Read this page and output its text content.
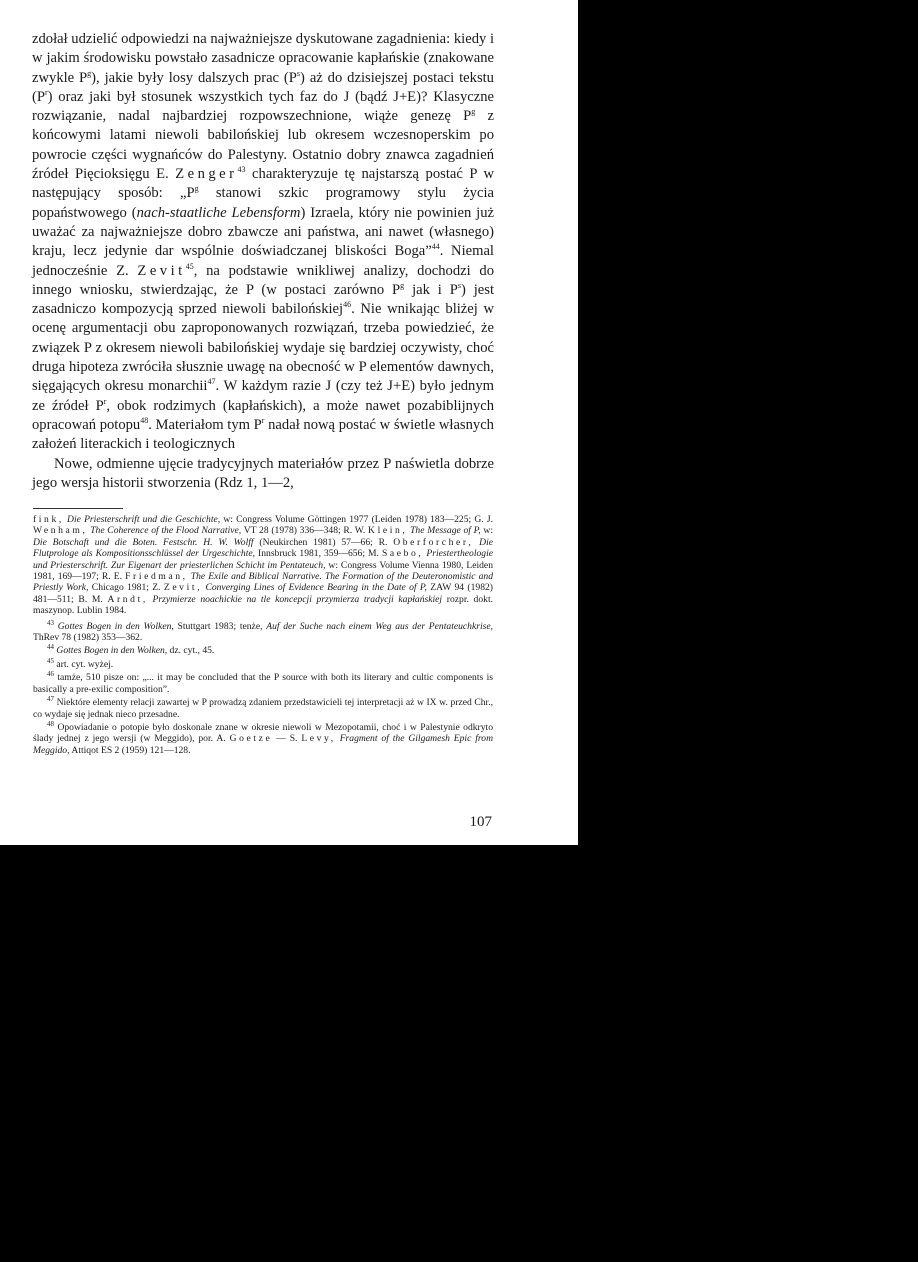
zdołał udzielić odpowiedzi na najważniejsze dyskutowane zagadnienia: kiedy i w jakim środowisku powstało zasadnicze opracowanie kapłańskie (znakowane zwykle $P^g$), jakie były losy dalszych prac $(P^s)$ aż do dzisiejszej postaci tekstu $(P^r)$ oraz jaki był stosunek wszystkich tych faz do J (bądź J+E)? Klasyczne rozwiązanie, nadal najbardziej rozpowszechnione, wiąże genezę $P^g$ z końcowymi latami niewoli babilońskiej lub okresem wczesnoperskim po powrocie części wygnańców do Palestyny. Ostatnio dobry znawca zagadnień źródeł Pięcioksięgu E. Zenger$^{43}$ charakteryzuje tę najstarszą postać P w następujący sposób: $„P^g$ stanowi szkic programowy stylu życia popaństwowego (nach-staatliche Lebensform) Izraela, który nie powinien już uważać za najważniejsze dobro zbawcze ani państwa, ani nawet (własnego) kraju, lecz jedynie dar wspólnie doświadczanej bliskości Boga”$^{44}$. Niemal jednocześnie Z. Zevit$^{45}$, na podstawie wnikliwej analizy, dochodzi do innego wniosku, stwierdzając, że P (w postaci zarówno $P^g$ jak i $P^s$) jest zasadniczo kompozycją sprzed niewoli babilońskiej$^{46}$. Nie wnikając bliżej w ocenę argumentacji obu zaproponowanych rozwiązań, trzeba powiedzieć, że związek P z okresem niewoli babilońskiej wydaje się bardziej oczywisty, choć druga hipoteza zwróciła słusznie uwagę na obecność w P elementów dawnych, sięgających okresu monarchii$^{47}$. W każdym razie J (czy też J+E) było jednym ze źródeł $P^r$, obok rodzimych (kapłańskich), a może nawet pozabiblijnych opracowań potopu$^{48}$. Materiałom tym $P^r$ nadał nową postać w świetle własnych założeń literackich i teologicznych

Nowe, odmienne ujęcie tradycyjnych materiałów przez P naświetla dobrze jego wersja historii stworzenia (Rdz 1, 1—2,

fink, Die Priesterschrift und die Geschichte, w: Congress Volume Göttingen 1977 (Leiden 1978) 183—225; G. J. Wenham, The Coherence of the Flood Narrative, VT 28 (1978) 336—348; R. W. Klein, The Message of P, w: Die Botschaft und die Boten. Festschr. H. W. Wolff (Neukirchen 1981) 57—66; R. Oberforcher, Die Flutprologe als Kompositionsschlüssel der Urgeschichte, Innsbruck 1981, 359—656; M. Saebo, Priestertheologie und Priesterschrift. Zur Eigenart der priesterlichen Schicht im Pentateuch, w: Congress Volume Vienna 1980, Leiden 1981, 169—197; R. E. Friedman, The Exile and Biblical Narrative. The Formation of the Deuteronomistic and Priestly Work, Chicago 1981; Z. Zevit, Converging Lines of Evidence Bearing in the Date of P, ZAW 94 (1982) 481—511; B. M. Arndt, Przymierze noachickie na tle koncepcji przymierza tradycji kapłańskiej rozpr. dokt. maszynop. Lublin 1984.

$^{43}$ Gottes Bogen in den Wolken, Stuttgart 1983; tenże, Auf der Suche nach einem Weg aus der Pentateuchkrise, ThRev 78 (1982) 353—362.

$^{44}$ Gottes Bogen in den Wolken, dz. cyt., 45.

$^{45}$ art. cyt. wyżej.

$^{46}$ tamże, 510 pisze on: „... it may be concluded that the P source with both its literary and cultic components is basically a pre-exilic composition”.

$^{47}$ Niektóre elementy relacji zawartej w P prowadzą zdaniem przedstawicieli tej interpretacji aż w IX w. przed Chr., co wydaje się jednak nieco przesadne.

$^{48}$ Opowiadanie o potopie było doskonale znane w okresie niewoli w Mezopotamii, choć i w Palestynie odkryto ślady jednej z jego wersji (w Meggido), por. A. Goetze — S. Levy, Fragment of the Gilgamesh Epic from Meggido, Attiqot ES 2 (1959) 121—128.

107
